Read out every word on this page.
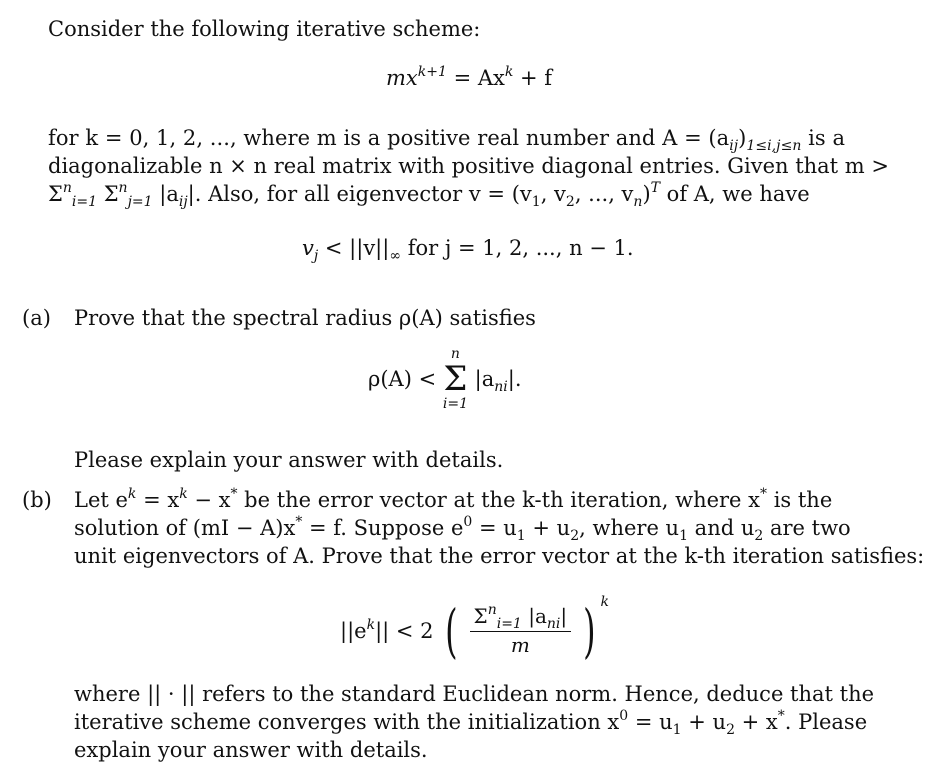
Consider the following iterative scheme:
$mx^{k+1} = Ax^k + f$
for k = 0, 1, 2, ..., where m is a positive real number and $A = (a_{ij})_{1\le i,j\le n}$ is a
diagonalizable n × n real matrix with positive diagonal entries. Given that m >
$\Sigma^n_{i=1}$ $\Sigma^n_{j=1}$ $|a_{ij}|$. Also, for all eigenvector $v = (v_1$, $v_2$, ..., $v_n)^T$ of A, we have
$v_j < ||v||_\infty$ for j = 1, 2, ..., n − 1.
(a) Prove that the spectral radius ρ(A) satisfies
ρ(A) <
n
Σ
i=1
$|a_{ni}|$.
Please explain your answer with details.
(b) Let $e^k = x^k - x^*$ be the error vector at the k-th iteration, where x* is the
solution of (mI − A)x* = f. Suppose $e^0 = u_1 + u_2$, where $u_1$ and $u_2$ are two
unit eigenvectors of A. Prove that the error vector at the k-th iteration satisfies:
$||e^k|| < 2$ ( $\frac{\Sigma^n_{i=1} |a_{ni}|}{m}$ ) $^k$
where || · || refers to the standard Euclidean norm. Hence, deduce that the
iterative scheme converges with the initialization $x^0 = u_1 + u_2 + x^*$. Please
explain your answer with details.
